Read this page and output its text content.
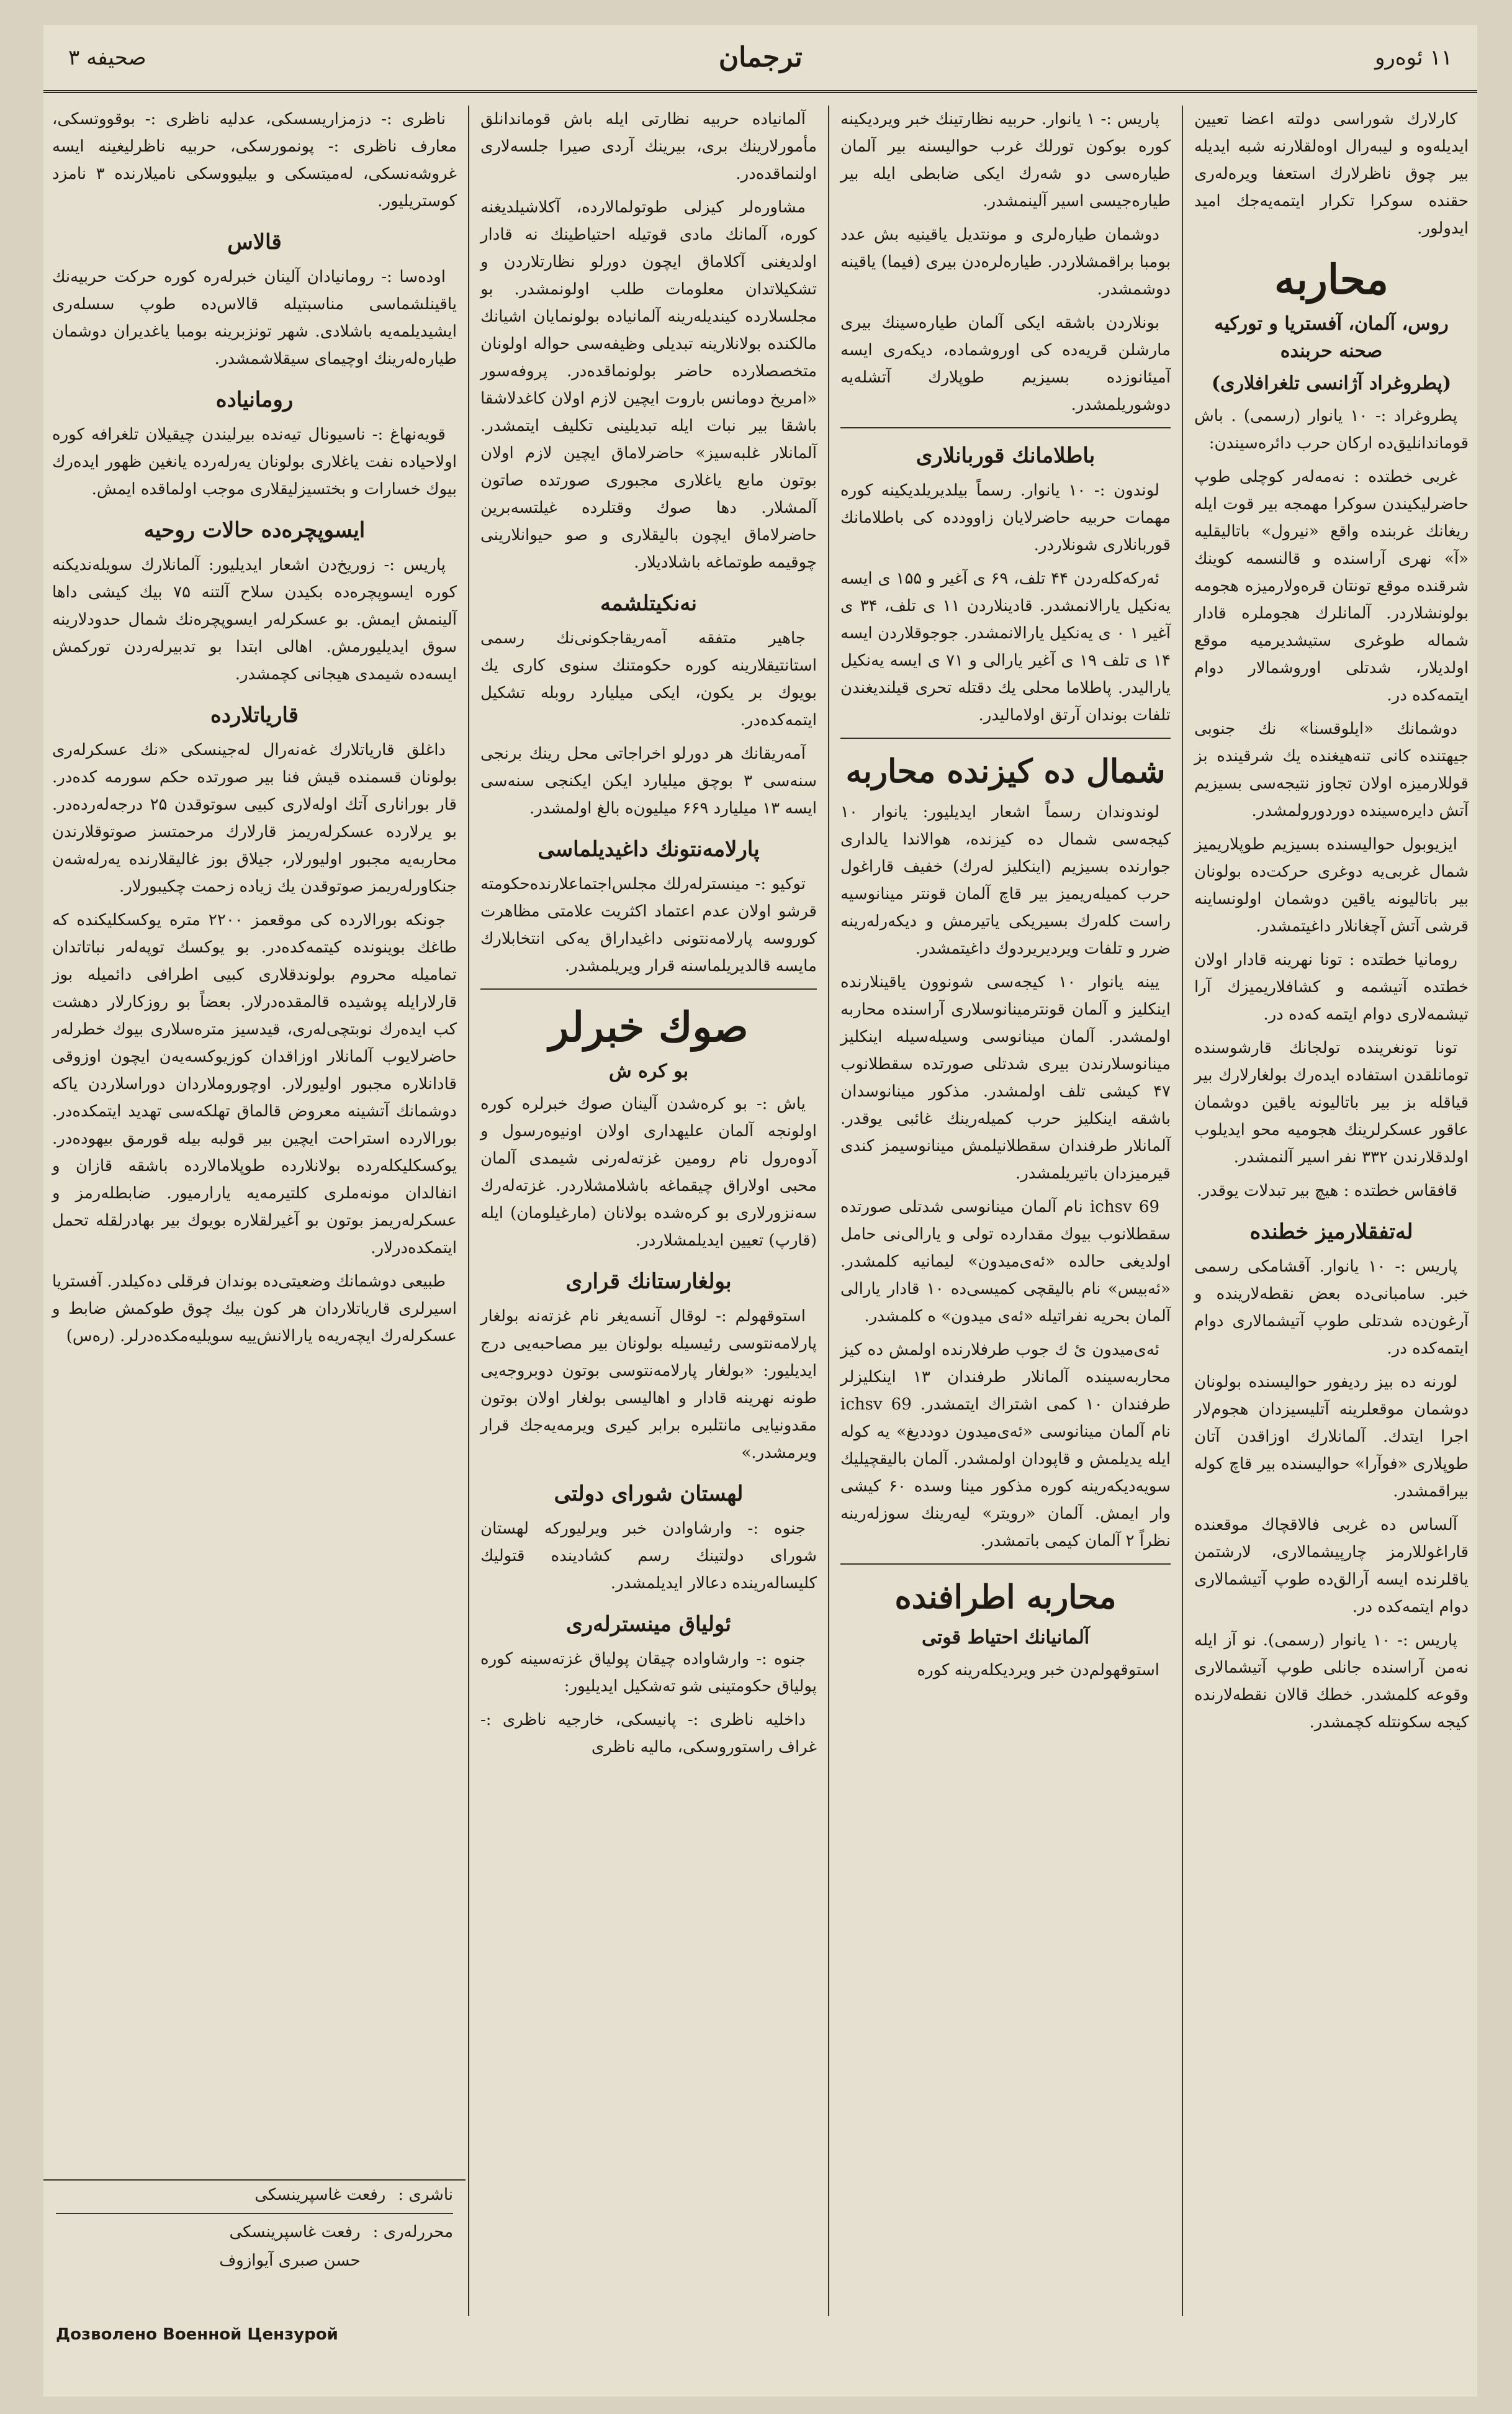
۱۱ ئوەرو
ترجمان
صحیفه ۳

کارلارك شوراسی دولتە اعضا تعیین ایدیلەوە و لیبەرال اوەلقلارنە شبه ایدیلە بیر چوق ناظرلارك استعفا ویرەلەری حقندە سوکرا تکرار ایتمه‌یەجك امید ایدولور.

محاربه
روس، آلمان، آفستریا و تورکیه صحنه حربنده
(پطروغراد آژانسی تلغرافلاری)

پطروغراد :- ۱۰ یانوار (رسمی) . باش قوماندانلیق‌ده ارکان حرب دائرەسیندن:

غربی خطتده : نەمەلەر کوچلی طوپ حاضرلیکیندن سوکرا مهمجه بیر قوت ایلە ریغانك غربندە واقع «نیرول» باتالیقلیە «آ» نهری آراسندە و قالنسمە کوینك شرقندە موقع تونتان قرەولارمیزه هجومه بولونشلاردر. آلمانلرك هجوملرە قادار شمالە طوغری ستیشدیرمیە موقع اولدیلار، شدتلی اوروشمالار دوام ایتمەکده در.

دوشمانك «ایلوقسنا» نك جنوبی جیهتندە کانی تنەهیغنده یك شرقیندە بز قوللارمیزه اولان تجاوز نتیجه‌سی بسیزیم آتش دایره‌سیندە دوردورولمشدر.

ایزیوبول حوالیسندە بسیزیم طوپلاریمیز شمال غربی‌یه دوغری حرکت‌دە بولونان بیر باتالیونه یاقین دوشمان اولونساینە قرشی آتش آچغانلار داغیتمشدر.

رومانیا خطتده : تونا نهرینه قادار اولان خطتده آتیشمه و کشافلاریمیزك آرا تیشمەلاری دوام ایتمه کەده در.

تونا تونغرینده تولجانك قارشوسنده تومانلقدن استفاده ایدەرك بولغارلارك بیر قیاقله بز بیر باتالیونه یاقین دوشمان عاقور عسکرلرینك هجومیه محو ایدیلوب اولدقلارندن ۳۳۲ نفر اسیر آلنمشدر.

قافقاس خطتده : هیچ بیر تبدلات یوقدر.

لەتفقلارمیز خطنده

پاریس :- ۱۰ یانوار. آقشامکی رسمی خبر. سامبانی‌ده بعض نقطه‌لاریندە و آرغون‌ده شدتلی طوپ آتیشمالاری دوام ایتمه‌کده در.

لورنه ده بیز ردیفور حوالیسنده بولونان دوشمان موقعلرینه آتلیسیزدان هجوم‌لار اجرا ایتدك. آلمانلارك اوزاقدن آتان طوپلاری «فوآرا» حوالیسندە بیر قاچ کوله بیراقمشدر.

آلساس ده غربی فالاقچاك موقعنده قاراغوللارمز چارپیشمالاری، لارشتمن یاقلرنده ایسه آرالق‌ده طوپ آتیشمالاری دوام ایتمه‌کده در.

پاریس :- ۱۰ یانوار (رسمی). نو آز ایلە نەمن آراسندە جانلی طوپ آتیشمالاری وقوعه کلمشدر. خطك قالان نقطه‌لارندە کیجه سکونتله کچمشدر.

پاریس :- ۱ یانوار. حربیه نظارتینك خبر ویردیکینه کوره بوکون تورلك غرب حوالیسنه بیر آلمان طیارەسی دو شه‌رك ایکی ضابطی ایلە بیر طیاره‌جیسی اسیر آلینمشدر.

دوشمان طیاره‌لری و مونتدیل یاقینیه بش عدد بومبا براقمشلاردر. طیاره‌لرەدن بیری (فیما) یاقینه دوشمشدر.

بونلاردن باشقە ایکی آلمان طیاره‌سینك بیری مارشلن قریه‌ده کی اوروشماده، دیکەری ایسه آمیئانوزده بسیزیم طوپلارك آتشلەیە دوشوریلمشدر.

باطلامانك قوربانلاری

لوندون :- ۱۰ یانوار. رسماً بیلدیریلدیکینه کوره مهمات حربیه حاضرلایان زاووددە کی باطلامانك قوربانلاری شونلاردر.

ئەرکه‌کلەردن ۴۴ تلف، ۶۹ ی آغیر و ۱۵۵ ی ایسه یەنکیل یارالانمشدر. قادینلاردن ۱۱ ی تلف، ۳۴ ی آغیر ۱ ۰ ی یەنکیل یارالانمشدر. جوجوقلاردن ایسه ۱۴ ی تلف ۱۹ ی آغیر یارالی و ۷۱ ی ایسه یەنکیل یارالیدر. پاطلاما محلی یك دقتله تحری قیلندیغندن تلفات بوندان آرتق اولامالیدر.

شمال ده کیزنده محاربه

لوندوندان رسماً اشعار ایدیلیور: یانوار ۱۰ کیجه‌سی شمال ده کیزنده، هوالاندا یالداری جوارنده بسیزیم (اینکلیز لەرك) خفیف قاراغول حرب کمیله‌ریمیز بیر قاچ آلمان قونتر مینانوسیه راست کلەرك بسیریکی یاتیرمش و دیکەرلەرینه ضرر و تلفات ویردیریردوك داغیتمشدر.

یینه یانوار ۱۰ کیجه‌سی شونوون یاقینلارنده اینکلیز و آلمان قونترمینانوسلاری آراسنده محاربه اولمشدر. آلمان مینانوسی وسیله‌سیله اینکلیز مینانوسلارندن بیری شدتلی صورتده سقطلانوب ۴۷ کیشی تلف اولمشدر. مذکور مینانوسدان باشقه اینکلیز حرب کمیله‌رینك غائبی یوقدر. آلمانلار طرفندان سقطلانیلمش مینانوسیمز کندی قیرمیزدان باتیریلمشدر.

69 ichsv نام آلمان مینانوسی شدتلی صورتده سقطلانوب بیوك مقدارده تولی و یارالی‌نی حامل اولدیغی حالده «ئەی‌میدون» لیمانیه کلمشدر. «ئەبیس» نام بالیقچی کمیسی‌ده ۱۰ قادار یارالی آلمان بحریه نفراتیله «ئەی میدون» ه کلمشدر.

ئەی‌میدون ئ ك جوب طرفلارنده اولمش ده کیز محاربه‌سینده آلمانلار طرفندان ۱۳ اینکلیزلر طرفندان ۱۰ کمی اشتراك ایتمشدر. 69 ichsv نام آلمان مینانوسی «ئه‌ی‌میدون دوددیغ» یه کوله ایلە یدیلمش و قاپودان اولمشدر. آلمان بالیقچیلیك سویه‌دیکەرینه کوره مذکور مینا وسده ۶۰ کیشی وار ایمش. آلمان «رویتر» لیەرینك سوزلەرینه نظراً ۲ آلمان کیمی باتمشدر.

محاربه اطرافنده
آلمانیانك احتیاط قوتی

استوقهولم‌دن خبر ویردیکلەرینه کوره

آلمانیاده حربیه نظارتی ایله باش قوماندانلق مأمورلارینك بری، بیرینك آردی صیرا جلسه‌لاری اولنماقده‌در.

مشاورەلر کیزلی طوتولمالارده، آکلاشیلدیغنه کوره، آلمانك مادی قوتیله احتیاطینك نه قادار اولدیغنی آکلاماق ایچون دورلو نظارتلاردن و تشکیلاتدان معلومات طلب اولونمشدر. بو مجلسلارده کیندیلەرینه آلمانیاده بولونمایان اشیانك مالکنده بولانلارینه تبدیلی وظیفه‌سی حواله اولونان متخصصلارده حاضر بولونماقده‌در. پروفه‌سور «امریخ دومانس باروت ایچین لازم اولان کاغدلاشقا باشقا بیر نبات ایله تبدیلینی تکلیف ایتمشدر. آلمانلار غلبه‌سیز» حاضرلاماق ایچین لازم اولان بوتون مابع یاغلاری مجبوری صورتده صاتون آلمشلار. دها صوك وقتلرده غیلتسه‌برین حاضرلاماق ایچون بالیقلاری و صو حیوانلارینی چوقیمه طوتماغه باشلادیلار.

نه‌نکیتلشمه

جاهیر متفقه آمه‌ریقا‌جکونی‌نك رسمی استانتیقلارینه کوره حکومتنك سنوی کاری یك بویوك بر یکون، ایکی میلیارد روبله تشکیل ایتمه‌کده‌در.

آمه‌ریقانك هر دورلو اخراجاتی محل رینك برنجی سنه‌سی ۳ بوچق میلیارد ایکن ایکنجی سنه‌سی ایسه ۱۳ میلیارد ۶۶۹ میلیون‌ه بالغ اولمشدر.

پارلامه‌نتونك داغیدیلماسی

توکیو :- مینستر‌لەرلك مجلس‌اجتماعلارندەحکومته قرشو اولان عدم اعتماد اکثریت علامتی مظاهرت کوروسه پارلامه‌نتونی داغیداراق یه‌کی انتخابلارك مایسه قالدیریلماسنه قرار ویریلمشدر.

صوك خبرلر
بو کرە ش

یاش :- بو کرەشدن آلینان صوك خبرلره کوره اولونجه آلمان علیهداری اولان اونیوه‌رسول و آدوه‌رول نام رومین غزته‌لەرنی شیمدی آلمان محبی اولاراق چیقماغه باشلامشلاردر. غزته‌لەرك سەنزورلاری بو کرەشده بولانان (مارغیلومان) ایله (قارپ) تعیین ایدیلمشلاردر.

بولغارستانك قراری

استوقهولم :- لوقال آنسه‌یغر نام غزته‌نه بولغار پارلامه‌نتوسی رئیسیله بولونان بیر مصاحبه‌یی درج ایدیلیور: «بولغار پارلامه‌نتوسی بوتون دوبروجه‌یی طونه نهرینه قادار و اهالیسی بولغار اولان بوتون مقدونیایی مانتلبره برابر کیری ویرمه‌یه‌جك قرار ویرمشدر.»

لهستان شورای دولتی

جنوه :- وارشاوادن خبر ویرلیورکه لهستان شورای دولتینك رسم کشادینده قتولیك کلیسا‌لەرینده دعالار ایدیلمشدر.

ئولیاق مینسترله‌ری

جنوه :- وارشاوادە چیقان پولیاق غزته‌سینه کوره پولیاق حکومتینی شو تەشکیل ایدیلیور:

داخلیه ناظری :- پانیسکی، خارجیه ناظری :- غراف راستوروسکی، مالیه ناظری

ناظری :- دزمزاریسسکی، عدلیه ناظری :- بوقووتسکی، معارف ناظری :- پونمورسکی، حربیه ناظرلیغینه ایسه غروشه‌نسکی، له‌میتسکی و بیلیووسکی نامیلارنده ۳ نامزد کوستریلیور.

قالاس

اوده‌سا :- رومانیادان آلینان خبرلەره کوره حرکت حربیه‌نك یاقینلشماسی مناسبتیله قالاس‌ده طوپ سسلەری ایشیدیلمه‌یه باشلادی. شهر تونزبرینه بومبا یاغدیران دوشمان طیاره‌لەرینك اوچیمای سیقلاشمشدر.

رومانیاده

قویه‌نهاغ :- ناسیونال تیه‌نده بیرلیندن چیقیلان تلغرافه کوره اولاحیاده نفت یاغلاری بولونان یه‌رلەرده یانغین ظهور ایده‌رك بیوك خسارات و بختسیزلیقلاری موجب اولماقده ایمش.

ایسوپچرەده حالات روحیه

پاریس :- زوریخ‌دن اشعار ایدیلیور: آلمانلارك سویلەندیکنه کوره ایسوپچرەده بکیدن سلاح آلتنه ۷۵ بیك کیشی داها آلینمش ایمش. بو عسکرلەر ایسوپچرەنك شمال حدودلارینه سوق ایدیلیورمش. اهالی ابتدا بو تدبیرلەردن تورکمش ایسه‌ده شیمدی هیجانی کچمشدر.

قاریاتلارده

داغلق قاریاتلارك غه‌نه‌رال له‌جینسکی «نك عسکرلەری بولونان قسمنده قیش فنا بیر صورتده حکم سورمه کده‌در. قار بوراناری آتك اوله‌لاری کبیی سوتوقدن ۲۵ درجه‌لەرده‌در. بو یرلاردە عسکرلەریمز قارلارك مرحمتسز صوتوقلارندن محاربه‌یه مجبور اولیورلار، جیلاق بوز غالیقلارنده یه‌رلەشه‌ن جنکاورلەریمز صوتوقدن یك زیاده زحمت چکیبورلار.

جونکه بورالاردە کی موقعمز ۲۲۰۰ متره یوکسکلیکنده که طاغك بوینونده کیتمه‌کده‌در. بو یوکسك توپه‌لەر نباتاتدان تمامیله محروم بولوندقلاری کبیی اطرافی دائمیله بوز قارلارایله پوشیده قالمقده‌درلار. بعضاً بو روزکارلار دهشت کب ایده‌رك نوبتچی‌لەری، قیدسیز متره‌سلاری بیوك خطرلەر حاضرلایوب آلمانلار اوزاقدان کوزیوکسه‌یه‌ن ایچون اوزوقی قادانلاره مجبور اولیورلار. اوچوروملاردان دوراسلاردن یاکه دوشمانك آتشینه معروض قالماق تهلکه‌سی تهدید ایتمکده‌در. بورالارده استراحت ایچین بیر قولبه بیله قورمق بیهوده‌در. یوکسکلیکلەرده بولانلارده طوپلامالارده باشقه قازان و انفالدان مونه‌ملری کلتیرمه‌یه یارارمیور. ضابطلەرمز و عسکرلەریمز بوتون بو آغیرلقلاره بویوك بیر بهادرلقله تحمل ایتمکده‌درلار.

طبیعی دوشمانك وضعیتی‌ده بوندان فرقلی ده‌کیلدر. آفستریا اسیرلری قاریاتلاردان هر کون بیك چوق طوکمش ضابط و عسکرلەرك ایچه‌ریه‌ه‌ یارالانش‌ییه‌ سویلیه‌مکده‌درلر. (ره‌س)

ناشری :
رفعت غاسپرینسکی
محررلەری :
رفعت غاسپرینسکی
حسن صبری آیواز‌وف
Дозволено Военной Цензурой
